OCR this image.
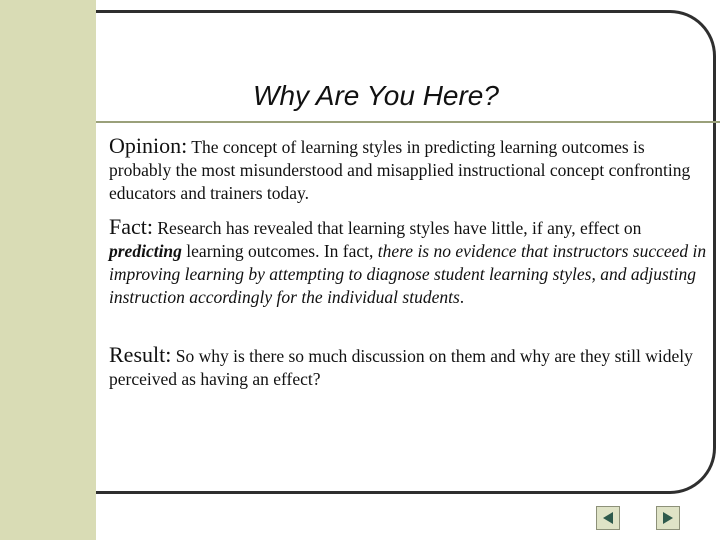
Why Are You Here?

Opinion: The concept of learning styles in predicting learning outcomes is probably the most misunderstood and misapplied instructional concept confronting educators and trainers today.

Fact: Research has revealed that learning styles have little, if any, effect on predicting learning outcomes. In fact, there is no evidence that instructors succeed in improving learning by attempting to diagnose student learning styles, and adjusting instruction accordingly for the individual students.

Result: So why is there so much discussion on them and why are they still widely perceived as having an effect?
